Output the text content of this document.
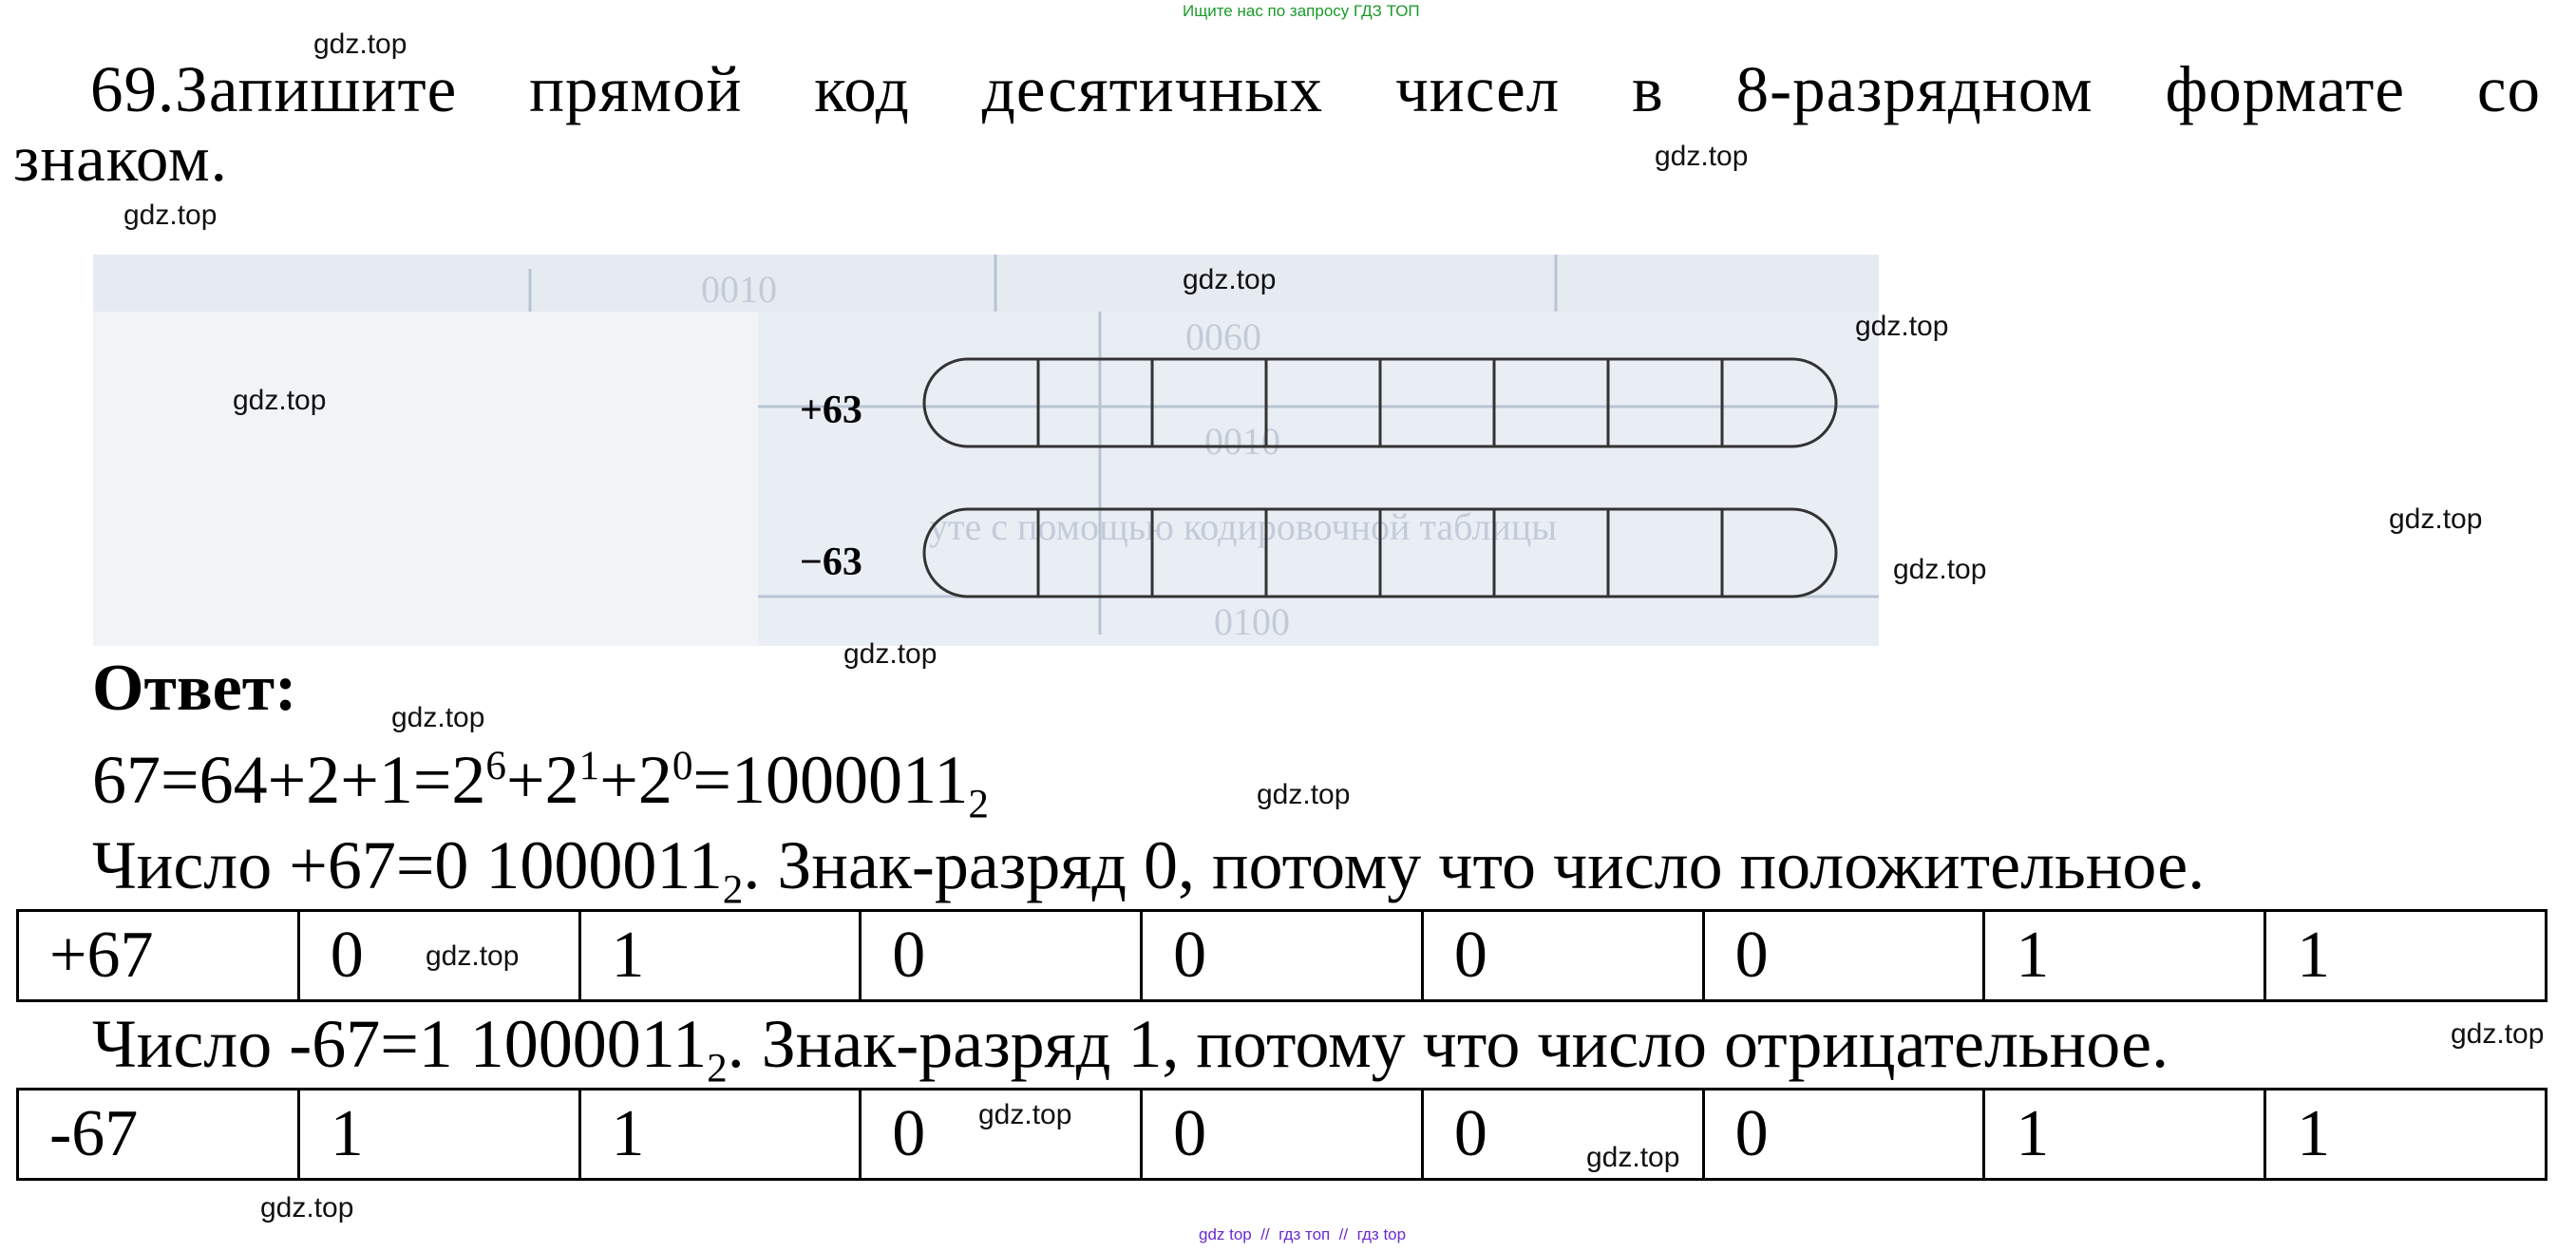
Ищите нас по запросу ГДЗ ТОП
69.Запишите прямой код десятичных чисел в 8-разрядном формате со
знаком.
0010
0060
0010
уте с помощью кодировочной таблицы
0100
+63
−63
Ответ:
$67=64+2+1=2^6+2^1+2^0=1000011_2$
Число +67=0 $1000011_2$. Знак-разряд 0, потому что число положительное.
+67	0	1	0	0	0	0	1	1
Число -67=1 $1000011_2$. Знак-разряд 1, потому что число отрицательное.
-67	1	1	0	0	0	0	1	1
gdz.top
gdz.top
gdz.top
gdz.top
gdz.top
gdz.top
gdz.top
gdz.top
gdz.top
gdz.top
gdz.top
gdz.top
gdz.top
gdz.top
gdz.top
gdz.top
gdz top  //  гдз топ  //  гдз top
